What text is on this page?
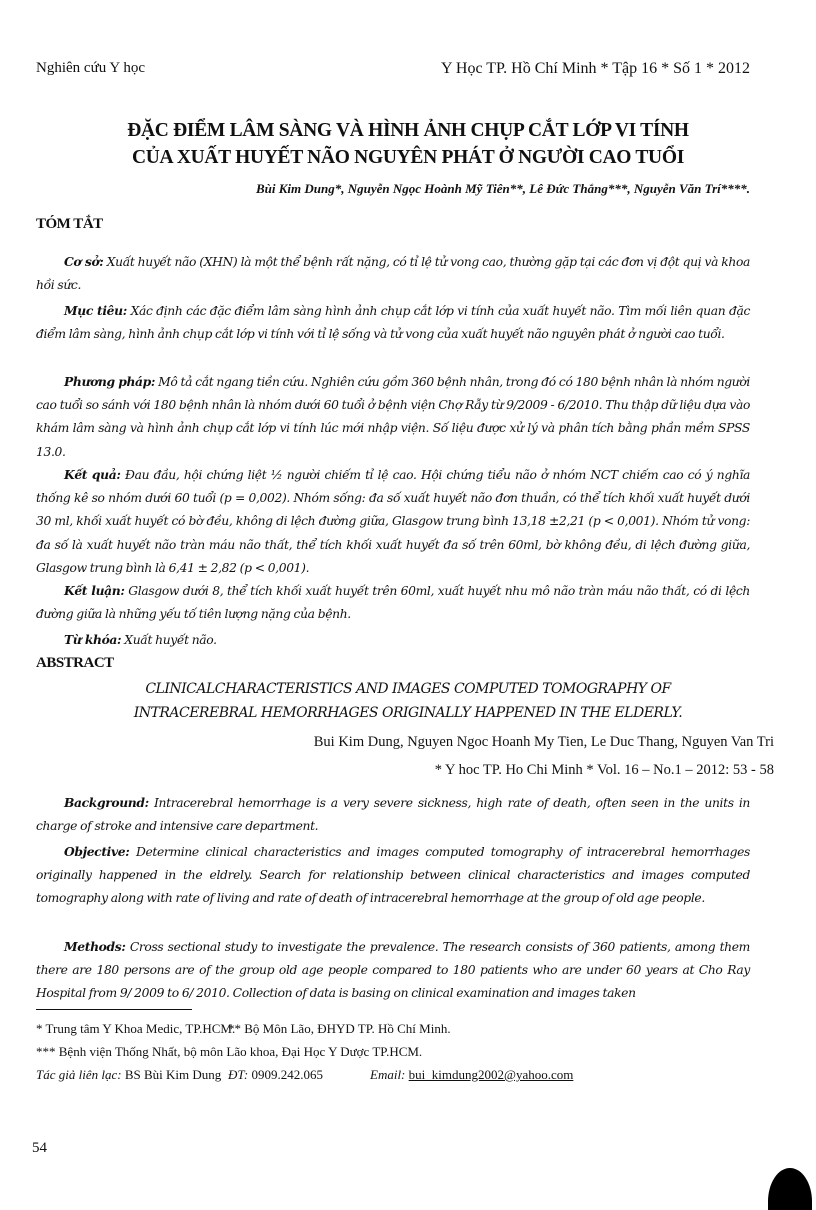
Nghiên cứu Y học	Y Học TP. Hồ Chí Minh * Tập 16 * Số 1 * 2012
ĐẶC ĐIỂM LÂM SÀNG VÀ HÌNH ẢNH CHỤP CẮT LỚP VI TÍNH
CỦA XUẤT HUYẾT NÃO NGUYÊN PHÁT Ở NGƯỜI CAO TUỔI
Bùi Kim Dung*, Nguyễn Ngọc Hoành Mỹ Tiên**, Lê Đức Thắng***, Nguyễn Văn Trí****.
TÓM TẮT
Cơ sở: Xuất huyết não (XHN) là một thể bệnh rất nặng, có tỉ lệ tử vong cao, thường gặp tại các đơn vị đột quị và khoa hồi sức.
Mục tiêu: Xác định các đặc điểm lâm sàng hình ảnh chụp cắt lớp vi tính của xuất huyết não. Tìm mối liên quan đặc điểm lâm sàng, hình ảnh chụp cắt lớp vi tính với tỉ lệ sống và tử vong của xuất huyết não nguyên phát ở người cao tuổi.
Phương pháp: Mô tả cắt ngang tiền cứu. Nghiên cứu gồm 360 bệnh nhân, trong đó có 180 bệnh nhân là nhóm người cao tuổi so sánh với 180 bệnh nhân là nhóm dưới 60 tuổi ở bệnh viện Chợ Rẫy từ 9/2009 - 6/2010. Thu thập dữ liệu dựa vào khám lâm sàng và hình ảnh chụp cắt lớp vi tính lúc mới nhập viện. Số liệu được xử lý và phân tích bằng phần mềm SPSS 13.0.
Kết quả: Đau đầu, hội chứng liệt ½ người chiếm tỉ lệ cao. Hội chứng tiểu não ở nhóm NCT chiếm cao có ý nghĩa thống kê so nhóm dưới 60 tuổi (p = 0,002). Nhóm sống: đa số xuất huyết não đơn thuần, có thể tích khối xuất huyết dưới 30 ml, khối xuất huyết có bờ đều, không di lệch đường giữa, Glasgow trung bình 13,18 ±2,21 (p < 0,001). Nhóm tử vong: đa số là xuất huyết não tràn máu não thất, thể tích khối xuất huyết đa số trên 60ml, bờ không đều, di lệch đường giữa, Glasgow trung bình là 6,41 ± 2,82 (p < 0,001).
Kết luận: Glasgow dưới 8, thể tích khối xuất huyết trên 60ml, xuất huyết nhu mô não tràn máu não thất, có di lệch đường giữa là những yếu tố tiên lượng nặng của bệnh.
Từ khóa: Xuất huyết não.
ABSTRACT
CLINICALCHARACTERISTICS AND IMAGES COMPUTED TOMOGRAPHY OF
INTRACEREBRAL HEMORRHAGES ORIGINALLY HAPPENED IN THE ELDERLY.
Bui Kim Dung, Nguyen Ngoc Hoanh My Tien, Le Duc Thang, Nguyen Van Tri
* Y hoc TP. Ho Chi Minh * Vol. 16 – No.1 – 2012: 53 - 58
Background: Intracerebral hemorrhage is a very severe sickness, high rate of death, often seen in the units in charge of stroke and intensive care department.
Objective: Determine clinical characteristics and images computed tomography of intracerebral hemorrhages originally happened in the eldrely. Search for relationship between clinical characteristics and images computed tomography along with rate of living and rate of death of intracerebral hemorrhage at the group of old age people.
Methods: Cross sectional study to investigate the prevalence. The research consists of 360 patients, among them there are 180 persons are of the group old age people compared to 180 patients who are under 60 years at Cho Ray Hospital from 9/ 2009 to 6/ 2010. Collection of data is basing on clinical examination and images taken
* Trung tâm Y Khoa Medic, TP.HCM.
** Bộ Môn Lão, ĐHYD TP. Hồ Chí Minh.
*** Bệnh viện Thống Nhất, bộ môn Lão khoa, Đại Học Y Dược TP.HCM.
Tác giả liên lạc: BS Bùi Kim Dung ĐT: 0909.242.065	Email: bui_kimdung2002@yahoo.com
54
